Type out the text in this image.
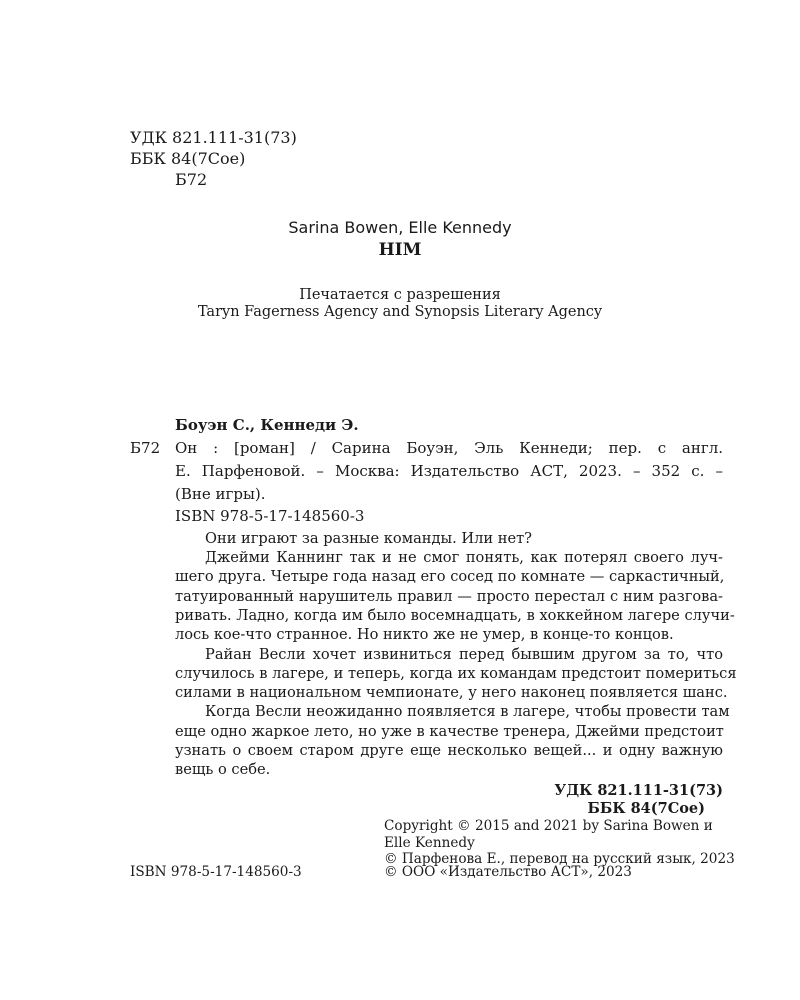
УДК 821.111-31(73)
ББК 84(7Сое)
Б72
Sarina Bowen, Elle Kennedy
HIM
Печатается с разрешения
Taryn Fagerness Agency and Synopsis Literary Agency
Боуэн С., Кеннеди Э.
Б72 Он : [роман] / Сарина Боуэн, Эль Кеннеди; пер. с англ.
Е. Парфеновой. – Москва: Издательство АСТ, 2023. – 352 с. –
(Вне игры).
ISBN 978-5-17-148560-3
Они играют за разные команды. Или нет?
Джейми Каннинг так и не смог понять, как потерял своего луч-
шего друга. Четыре года назад его сосед по комнате — саркастичный,
татуированный нарушитель правил — просто перестал с ним разгова-
ривать. Ладно, когда им было восемнадцать, в хоккейном лагере случи-
лось кое-что странное. Но никто же не умер, в конце-то концов.
Райан Весли хочет извиниться перед бывшим другом за то, что
случилось в лагере, и теперь, когда их командам предстоит помериться
силами в национальном чемпионате, у него наконец появляется шанс.
Когда Весли неожиданно появляется в лагере, чтобы провести там
еще одно жаркое лето, но уже в качестве тренера, Джейми предстоит
узнать о своем старом друге еще несколько вещей... и одну важную
вещь о себе.
УДК 821.111-31(73)
ББК 84(7Сое)
ISBN 978-5-17-148560-3
Copyright © 2015 and 2021 by Sarina Bowen и
Elle Kennedy
© Парфенова Е., перевод на русский язык, 2023
© ООО «Издательство АСТ», 2023
